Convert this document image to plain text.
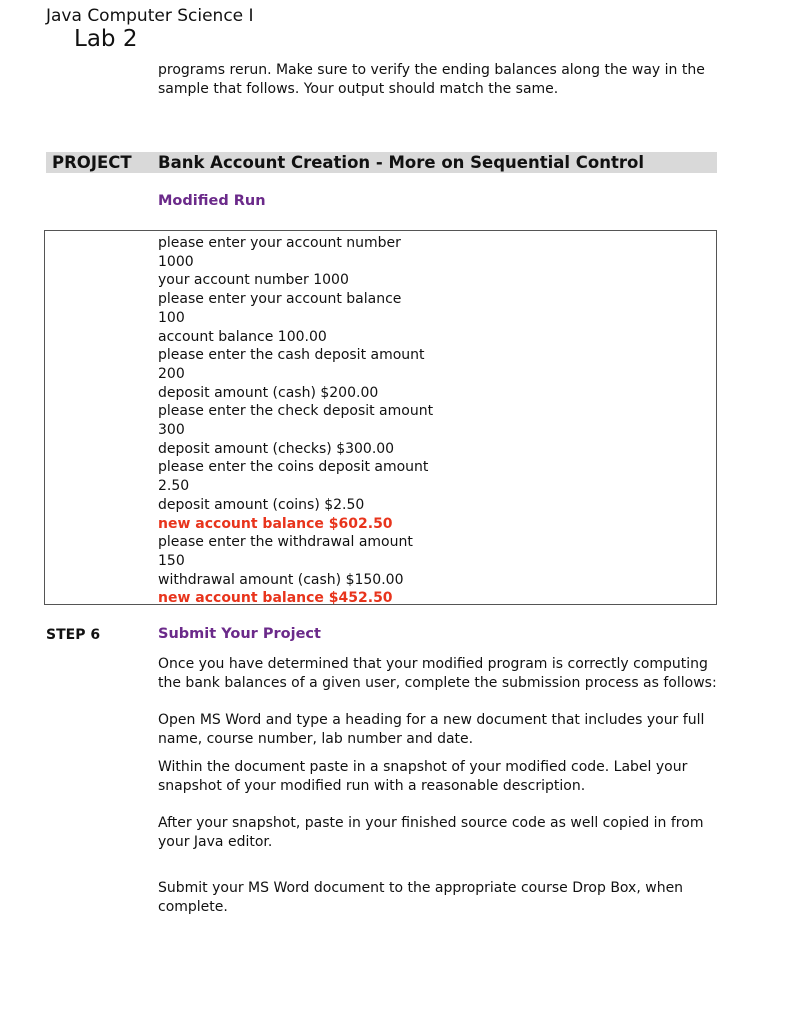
Java Computer Science I
Lab 2
programs rerun. Make sure to verify the ending balances along the way in the sample that follows. Your output should match the same.
PROJECT Bank Account Creation - More on Sequential Control
Modified Run
please enter your account number
1000
your account number 1000
please enter your account balance
100
account balance 100.00
please enter the cash deposit amount
200
deposit amount (cash) $200.00
please enter the check deposit amount
300
deposit amount (checks) $300.00
please enter the coins deposit amount
2.50
deposit amount (coins) $2.50
new account balance $602.50
please enter the withdrawal amount
150
withdrawal amount (cash) $150.00
new account balance $452.50
STEP 6	Submit Your Project
Once you have determined that your modified program is correctly computing the bank balances of a given user, complete the submission process as follows:
Open MS Word and type a heading for a new document that includes your full name, course number, lab number and date.
Within the document paste in a snapshot of your modified code. Label your snapshot of your modified run with a reasonable description.
After your snapshot, paste in your finished source code as well copied in from your Java editor.
Submit your MS Word document to the appropriate course Drop Box, when complete.
